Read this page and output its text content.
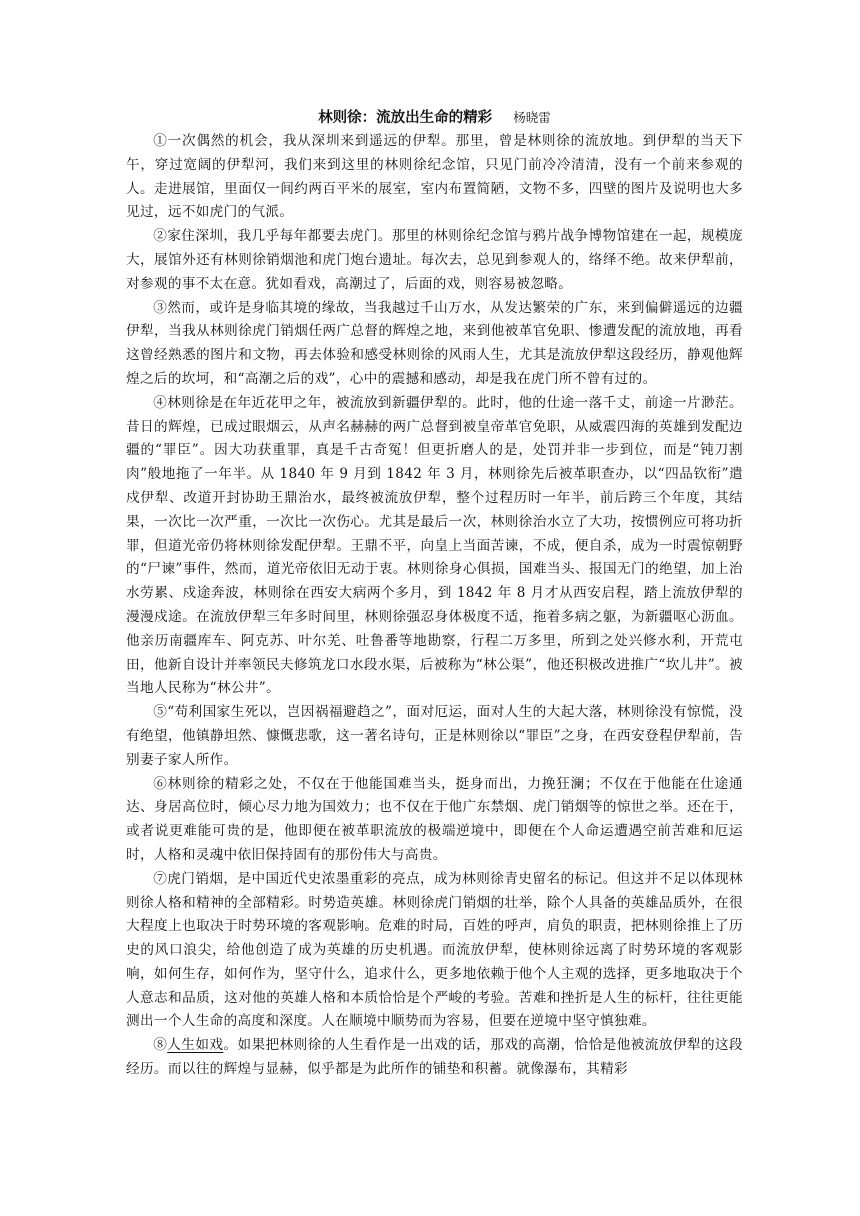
林则徐：流放出生命的精彩 杨晓雷

①一次偶然的机会，我从深圳来到遥远的伊犁。那里，曾是林则徐的流放地。到伊犁的当天下午，穿过宽阔的伊犁河，我们来到这里的林则徐纪念馆，只见门前冷冷清清，没有一个前来参观的人。走进展馆，里面仅一间约两百平米的展室，室内布置简陋，文物不多，四壁的图片及说明也大多见过，远不如虎门的气派。

②家住深圳，我几乎每年都要去虎门。那里的林则徐纪念馆与鸦片战争博物馆建在一起，规模庞大，展馆外还有林则徐销烟池和虎门炮台遗址。每次去，总见到参观人的，络绎不绝。故来伊犁前，对参观的事不太在意。犹如看戏，高潮过了，后面的戏，则容易被忽略。

③然而，或许是身临其境的缘故，当我越过千山万水，从发达繁荣的广东，来到偏僻遥远的边疆伊犁，当我从林则徐虎门销烟任两广总督的辉煌之地，来到他被革官免职、惨遭发配的流放地，再看这曾经熟悉的图片和文物，再去体验和感受林则徐的风雨人生，尤其是流放伊犁这段经历，静观他辉煌之后的坎坷，和“高潮之后的戏”，心中的震撼和感动，却是我在虎门所不曾有过的。

④林则徐是在年近花甲之年，被流放到新疆伊犁的。此时，他的仕途一落千丈，前途一片渺茫。昔日的辉煌，已成过眼烟云，从声名赫赫的两广总督到被皇帝革官免职，从威震四海的英雄到发配边疆的“罪臣”。因大功获重罪，真是千古奇冤！但更折磨人的是，处罚并非一步到位，而是“钝刀割肉”般地拖了一年半。从 1840 年 9 月到 1842 年 3 月，林则徐先后被革职查办，以“四品钦衔”遣戍伊犁、改道开封协助王鼎治水，最终被流放伊犁，整个过程历时一年半，前后跨三个年度，其结果，一次比一次严重，一次比一次伤心。尤其是最后一次，林则徐治水立了大功，按惯例应可将功折罪，但道光帝仍将林则徐发配伊犁。王鼎不平，向皇上当面苦谏，不成，便自杀，成为一时震惊朝野的“尸谏”事件，然而，道光帝依旧无动于衷。林则徐身心俱损，国难当头、报国无门的绝望，加上治水劳累、戍途奔波，林则徐在西安大病两个多月，到 1842 年 8 月才从西安启程，踏上流放伊犁的漫漫戍途。在流放伊犁三年多时间里，林则徐强忍身体极度不适，拖着多病之躯，为新疆呕心沥血。他亲历南疆库车、阿克苏、叶尔羌、吐鲁番等地勘察，行程二万多里，所到之处兴修水利，开荒屯田，他新自设计并率领民夫修筑龙口水段水渠，后被称为“林公渠”，他还积极改进推广“坎儿井”。被当地人民称为“林公井”。

⑤“苟利国家生死以，岂因祸福避趋之”，面对厄运，面对人生的大起大落，林则徐没有惊慌，没有绝望，他镇静坦然、慷慨悲歌，这一著名诗句，正是林则徐以“罪臣”之身，在西安登程伊犁前，告别妻子家人所作。

⑥林则徐的精彩之处，不仅在于他能国难当头，挺身而出，力挽狂澜；不仅在于他能在仕途通达、身居高位时，倾心尽力地为国效力；也不仅在于他广东禁烟、虎门销烟等的惊世之举。还在于，或者说更难能可贵的是，他即便在被革职流放的极端逆境中，即便在个人命运遭遇空前苦难和厄运时，人格和灵魂中依旧保持固有的那份伟大与高贵。

⑦虎门销烟，是中国近代史浓墨重彩的亮点，成为林则徐青史留名的标记。但这并不足以体现林则徐人格和精神的全部精彩。时势造英雄。林则徐虎门销烟的壮举，除个人具备的英雄品质外，在很大程度上也取决于时势环境的客观影响。危难的时局，百姓的呼声，肩负的职责，把林则徐推上了历史的风口浪尖，给他创造了成为英雄的历史机遇。而流放伊犁，使林则徐远离了时势环境的客观影响，如何生存，如何作为，坚守什么，追求什么，更多地依赖于他个人主观的选择，更多地取决于个人意志和品质，这对他的英雄人格和本质恰恰是个严峻的考验。苦难和挫折是人生的标杆，往往更能测出一个人生命的高度和深度。人在顺境中顺势而为容易，但要在逆境中坚守慎独难。

⑧人生如戏。如果把林则徐的人生看作是一出戏的话，那戏的高潮，恰恰是他被流放伊犁的这段经历。而以往的辉煌与显赫，似乎都是为此所作的铺垫和积蓄。就像瀑布，其精彩
